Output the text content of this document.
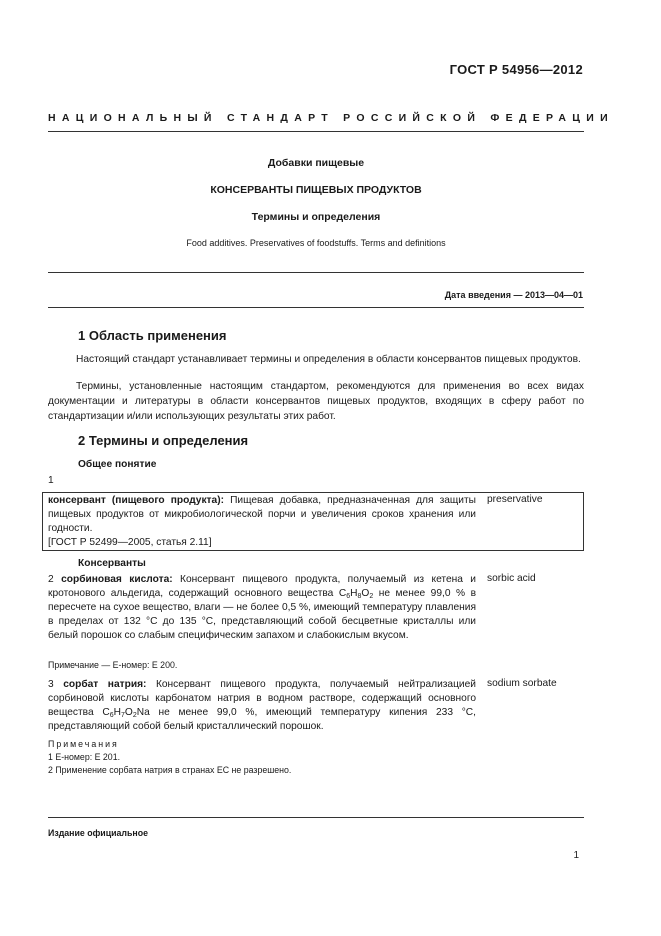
ГОСТ Р 54956—2012
НАЦИОНАЛЬНЫЙ СТАНДАРТ РОССИЙСКОЙ ФЕДЕРАЦИИ
Добавки пищевые
КОНСЕРВАНТЫ ПИЩЕВЫХ ПРОДУКТОВ
Термины и определения
Food additives. Preservatives of foodstuffs. Terms and definitions
Дата введения — 2013—04—01
1 Область применения
Настоящий стандарт устанавливает термины и определения в области консервантов пищевых продуктов.
Термины, установленные настоящим стандартом, рекомендуются для применения во всех видах документации и литературы в области консервантов пищевых продуктов, входящих в сферу работ по стандартизации и/или использующих результаты этих работ.
2 Термины и определения
Общее понятие
1
консервант (пищевого продукта): Пищевая добавка, предназначенная для защиты пищевых продуктов от микробиологической порчи и увеличения сроков хранения или годности.
[ГОСТ Р 52499—2005, статья 2.11]
preservative
Консерванты
2 сорбиновая кислота: Консервант пищевого продукта, получаемый из кетена и кротонового альдегида, содержащий основного вещества $C_6H_8O_2$ не менее 99,0 % в пересчете на сухое вещество, влаги — не более 0,5 %, имеющий температуру плавления в пределах от 132 °С до 135 °С, представляющий собой бесцветные кристаллы или белый порошок со слабым специфическим запахом и слабокислым вкусом.
sorbic acid
Примечание — Е-номер: Е 200.
3 сорбат натрия: Консервант пищевого продукта, получаемый нейтрализацией сорбиновой кислоты карбонатом натрия в водном растворе, содержащий основного вещества $C_6H_7O_2Na$ не менее 99,0 %, имеющий температуру кипения 233 °С, представляющий собой белый кристаллический порошок.
sodium sorbate
Примечания
1 Е-номер: Е 201.
2 Применение сорбата натрия в странах ЕС не разрешено.
Издание официальное
1
